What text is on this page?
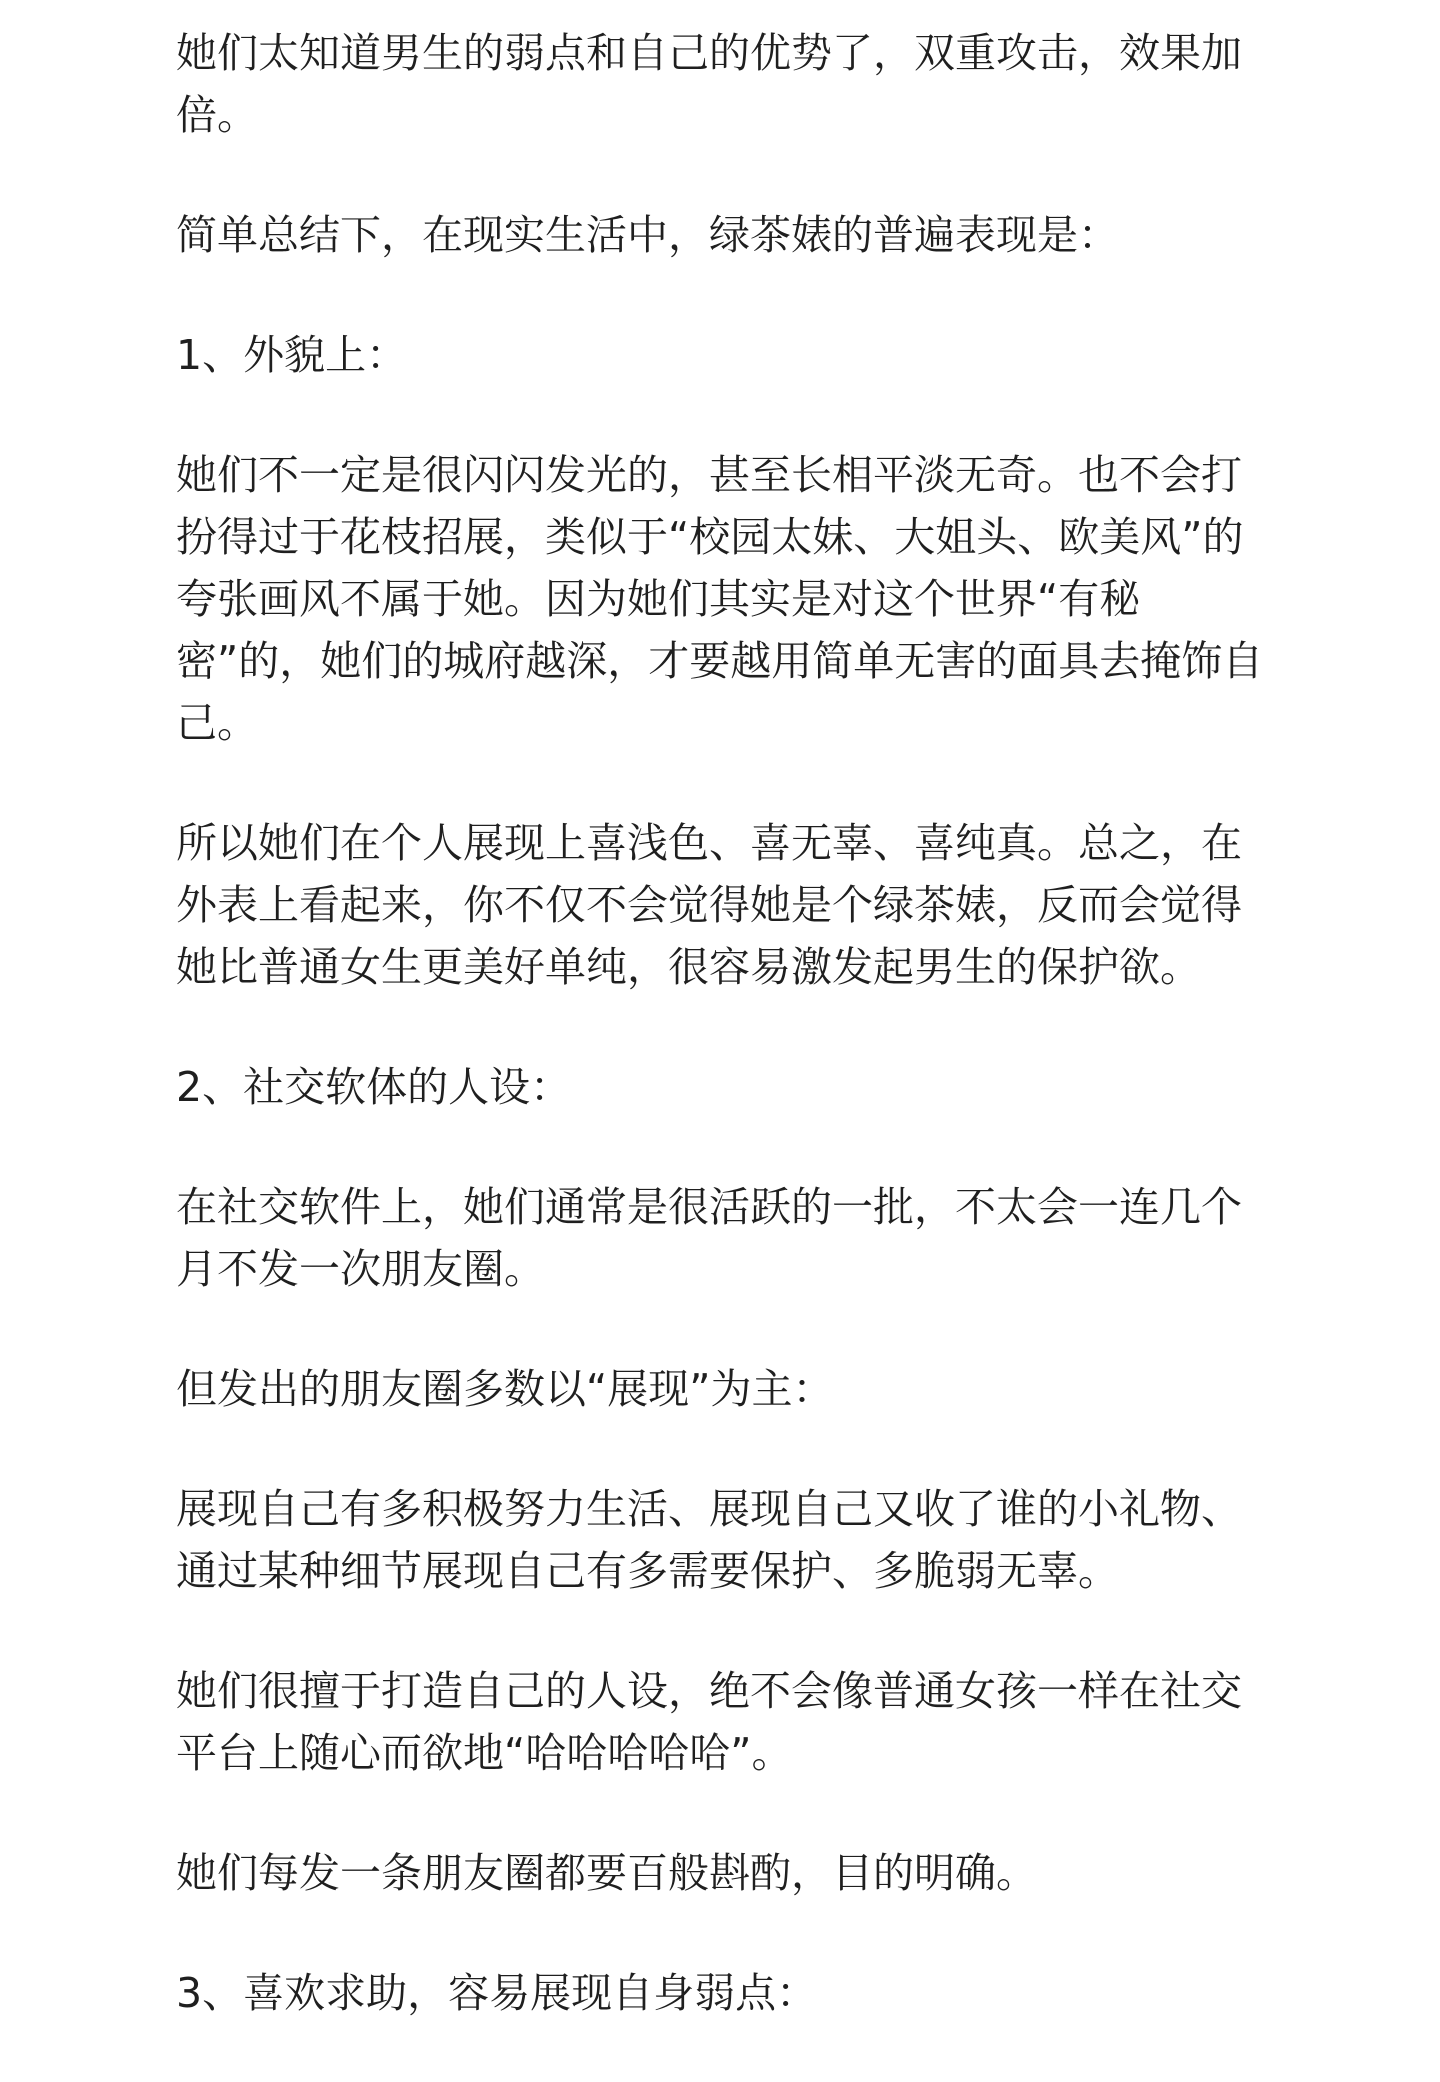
她们太知道男生的弱点和自己的优势了，双重攻击，效果加倍。

简单总结下，在现实生活中，绿茶婊的普遍表现是：

1、外貌上：

她们不一定是很闪闪发光的，甚至长相平淡无奇。也不会打扮得过于花枝招展，类似于“校园太妹、大姐头、欧美风”的夸张画风不属于她。因为她们其实是对这个世界“有秘密”的，她们的城府越深，才要越用简单无害的面具去掩饰自己。

所以她们在个人展现上喜浅色、喜无辜、喜纯真。总之，在外表上看起来，你不仅不会觉得她是个绿茶婊，反而会觉得她比普通女生更美好单纯，很容易激发起男生的保护欲。

2、社交软体的人设：

在社交软件上，她们通常是很活跃的一批，不太会一连几个月不发一次朋友圈。

但发出的朋友圈多数以“展现”为主：

展现自己有多积极努力生活、展现自己又收了谁的小礼物、通过某种细节展现自己有多需要保护、多脆弱无辜。

她们很擅于打造自己的人设，绝不会像普通女孩一样在社交平台上随心而欲地“哈哈哈哈哈”。

她们每发一条朋友圈都要百般斟酌，目的明确。

3、喜欢求助，容易展现自身弱点：
